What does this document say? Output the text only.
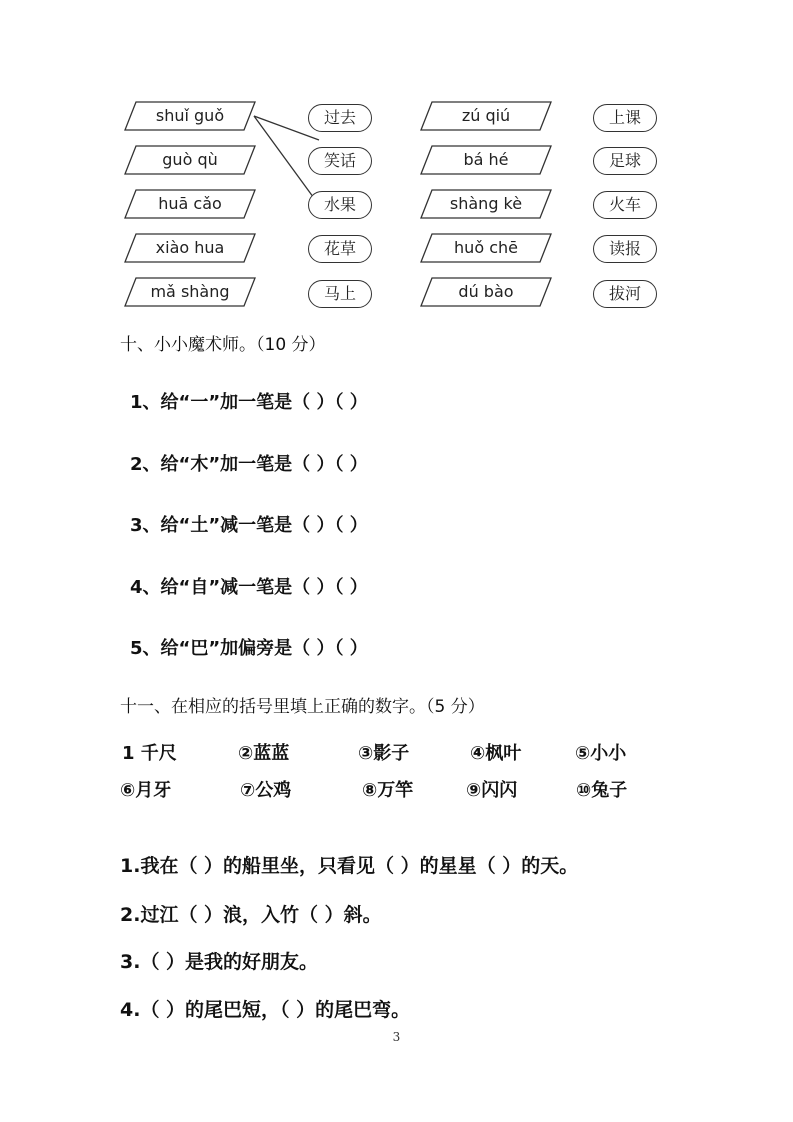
shuǐ guǒ
guò qù
huā cǎo
xiào hua
mǎ shàng
过去
笑话
水果
花草
马上
zú qiú
bá hé
shàng kè
huǒ chē
dú bào
上课
足球
火车
读报
拔河
十、小小魔术师。（10 分）
1、给“一”加一笔是（ ）（ ）
2、给“木”加一笔是（ ）（ ）
3、给“土”减一笔是（ ）（ ）
4、给“自”减一笔是（ ）（ ）
5、给“巴”加偏旁是（ ）（ ）
十一、在相应的括号里填上正确的数字。（5 分）
1 千尺	②蓝蓝	③影子	④枫叶	⑤小小
⑥月牙	⑦公鸡	⑧万竿	⑨闪闪	⑩兔子
1.我在（ ）的船里坐，只看见（ ）的星星（ ）的天。
2.过江（ ）浪，入竹（ ）斜。
3.（ ）是我的好朋友。
4.（ ）的尾巴短，（ ）的尾巴弯。
3
